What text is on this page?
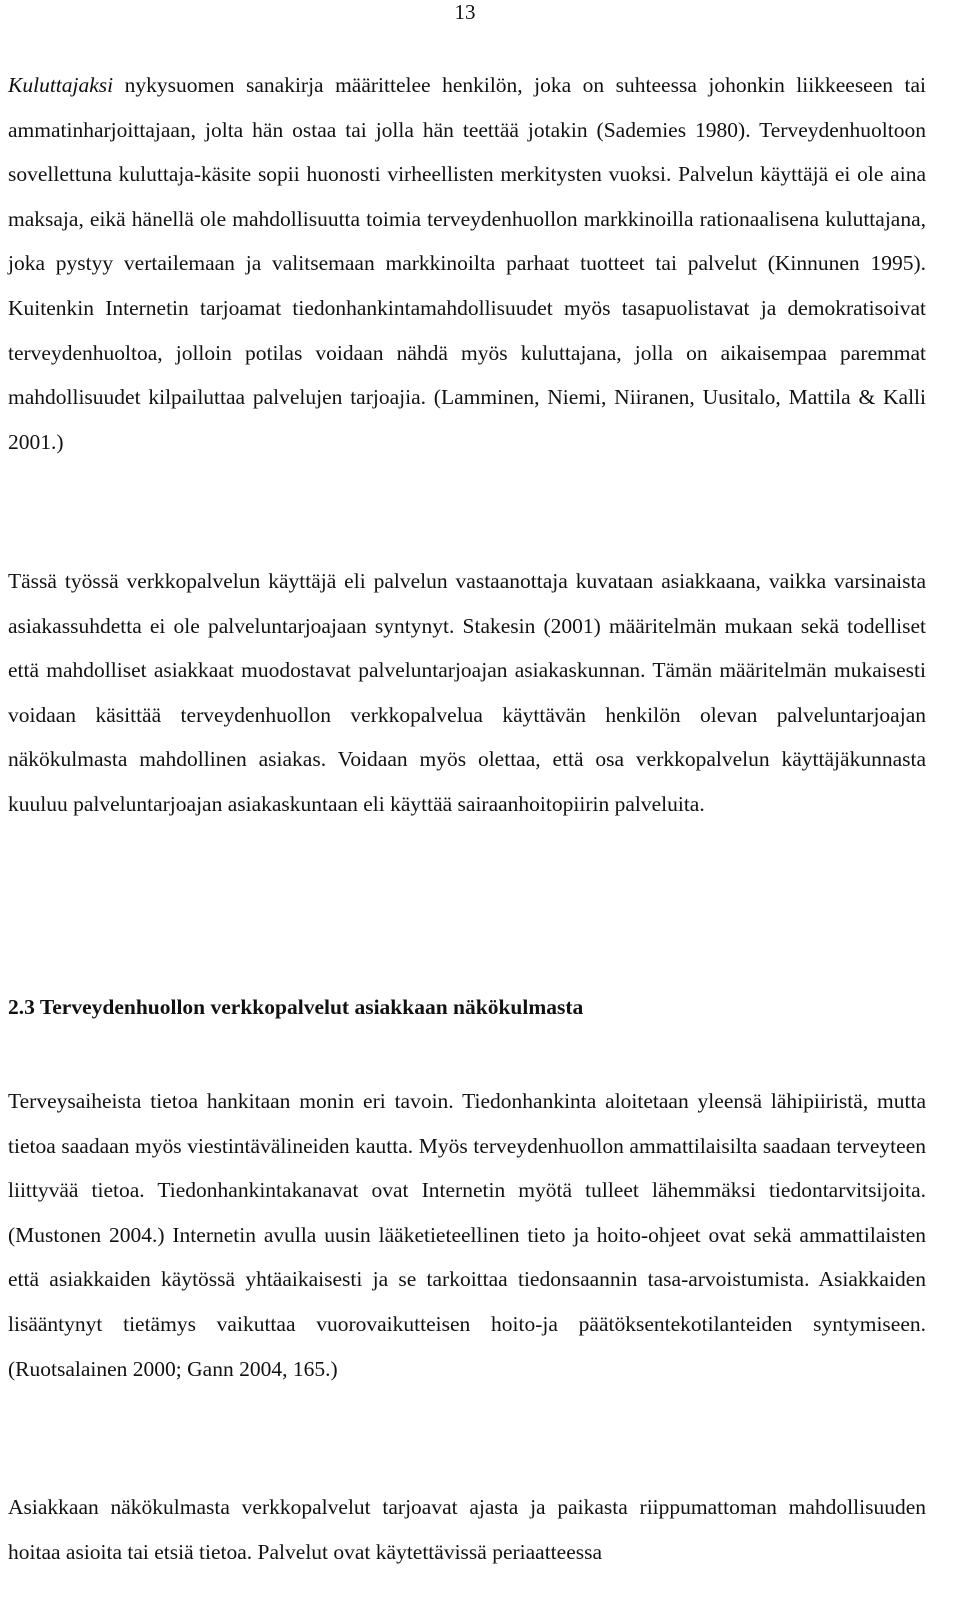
13

Kuluttajaksi nykysuomen sanakirja määrittelee henkilön, joka on suhteessa johonkin liikkeeseen tai ammatinharjoittajaan, jolta hän ostaa tai jolla hän teettää jotakin (Sademies 1980). Terveydenhuoltoon sovellettuna kuluttaja-käsite sopii huonosti virheellisten merkitysten vuoksi. Palvelun käyttäjä ei ole aina maksaja, eikä hänellä ole mahdollisuutta toimia terveydenhuollon markkinoilla rationaalisena kuluttajana, joka pystyy vertailemaan ja valitsemaan markkinoilta parhaat tuotteet tai palvelut (Kinnunen 1995). Kuitenkin Internetin tarjoamat tiedonhankintamahdollisuudet myös tasapuolistavat ja demokratisoivat terveydenhuoltoa, jolloin potilas voidaan nähdä myös kuluttajana, jolla on aikaisempaa paremmat mahdollisuudet kilpailuttaa palvelujen tarjoajia. (Lamminen, Niemi, Niiranen, Uusitalo, Mattila & Kalli 2001.)

Tässä työssä verkkopalvelun käyttäjä eli palvelun vastaanottaja kuvataan asiakkaana, vaikka varsinaista asiakassuhdetta ei ole palveluntarjoajaan syntynyt. Stakesin (2001) määritelmän mukaan sekä todelliset että mahdolliset asiakkaat muodostavat palveluntarjoajan asiakaskunnan. Tämän määritelmän mukaisesti voidaan käsittää terveydenhuollon verkkopalvelua käyttävän henkilön olevan palveluntarjoajan näkökulmasta mahdollinen asiakas. Voidaan myös olettaa, että osa verkkopalvelun käyttäjäkunnasta kuuluu palveluntarjoajan asiakaskuntaan eli käyttää sairaanhoitopiirin palveluita.

2.3 Terveydenhuollon verkkopalvelut asiakkaan näkökulmasta

Terveysaiheista tietoa hankitaan monin eri tavoin. Tiedonhankinta aloitetaan yleensä lähipiiristä, mutta tietoa saadaan myös viestintävälineiden kautta. Myös terveydenhuollon ammattilaisilta saadaan terveyteen liittyvää tietoa. Tiedonhankintakanavat ovat Internetin myötä tulleet lähemmäksi tiedontarvitsijoita. (Mustonen 2004.) Internetin avulla uusin lääketieteellinen tieto ja hoito-ohjeet ovat sekä ammattilaisten että asiakkaiden käytössä yhtäaikaisesti ja se tarkoittaa tiedonsaannin tasa-arvoistumista. Asiakkaiden lisääntynyt tietämys vaikuttaa vuorovaikutteisen hoito-ja päätöksentekotilanteiden syntymiseen. (Ruotsalainen 2000; Gann 2004, 165.)

Asiakkaan näkökulmasta verkkopalvelut tarjoavat ajasta ja paikasta riippumattoman mahdollisuuden hoitaa asioita tai etsiä tietoa. Palvelut ovat käytettävissä periaatteessa
